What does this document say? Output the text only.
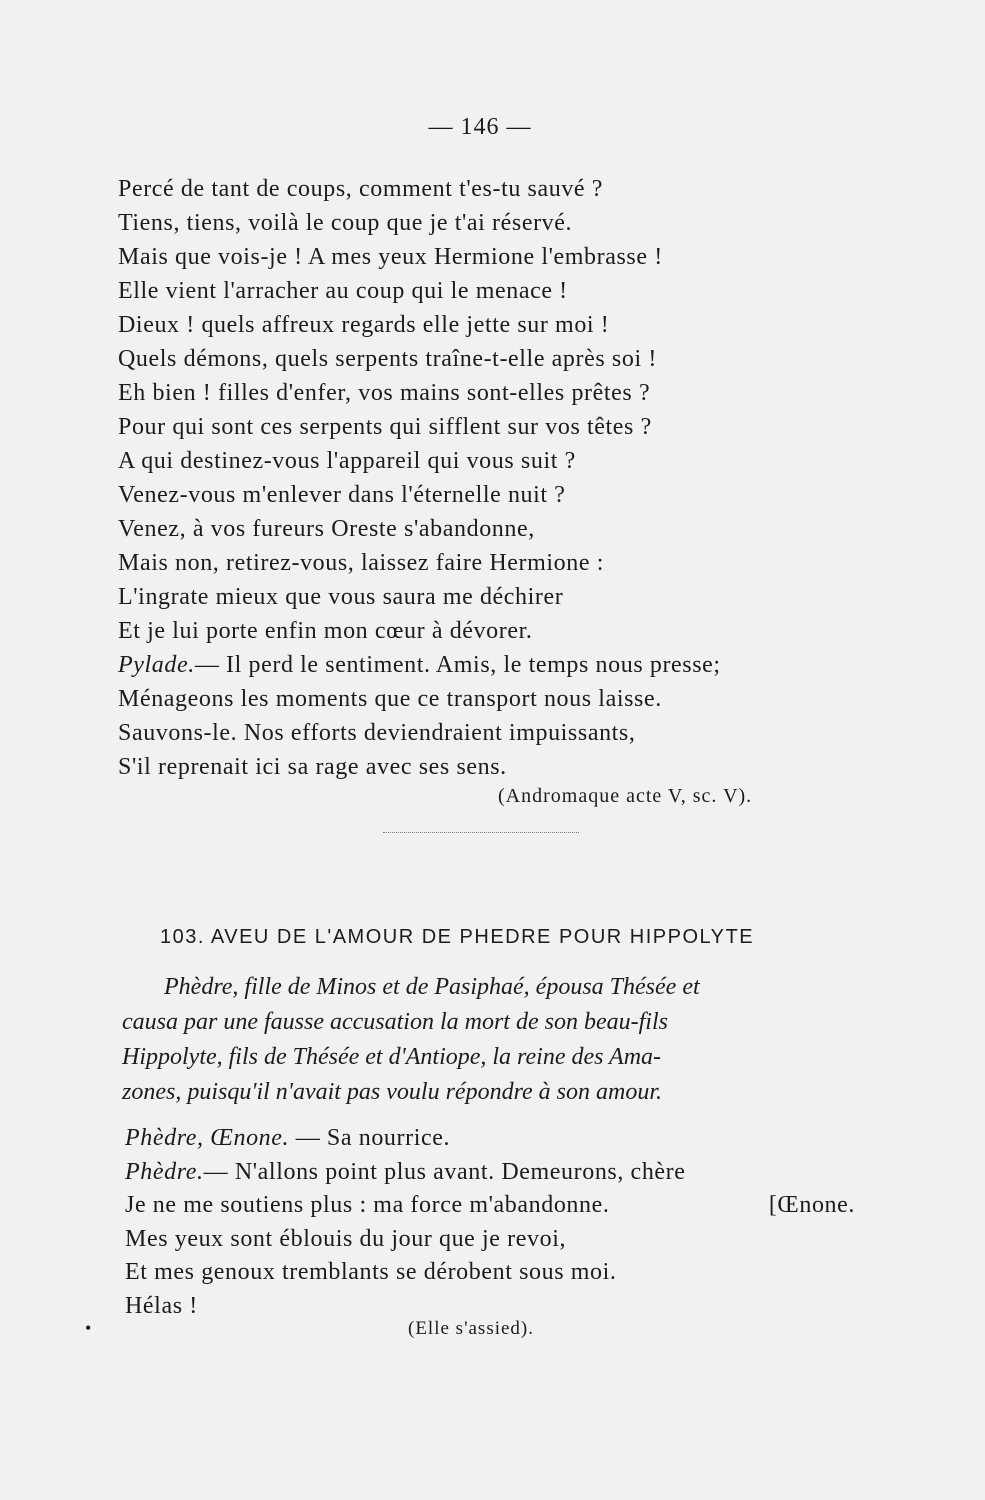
— 146 —
Percé de tant de coups, comment t'es-tu sauvé ?
Tiens, tiens, voilà le coup que je t'ai réservé.
Mais que vois-je ! A mes yeux Hermione l'embrasse !
Elle vient l'arracher au coup qui le menace !
Dieux ! quels affreux regards elle jette sur moi !
Quels démons, quels serpents traîne-t-elle après soi !
Eh bien ! filles d'enfer, vos mains sont-elles prêtes ?
Pour qui sont ces serpents qui sifflent sur vos têtes ?
A qui destinez-vous l'appareil qui vous suit ?
Venez-vous m'enlever dans l'éternelle nuit ?
Venez, à vos fureurs Oreste s'abandonne,
Mais non, retirez-vous, laissez faire Hermione :
L'ingrate mieux que vous saura me déchirer
Et je lui porte enfin mon cœur à dévorer.
Pylade.— Il perd le sentiment. Amis, le temps nous presse;
Ménageons les moments que ce transport nous laisse.
Sauvons-le. Nos efforts deviendraient impuissants,
S'il reprenait ici sa rage avec ses sens.
(Andromaque acte V, sc. V).
103. AVEU DE L'AMOUR DE PHEDRE POUR HIPPOLYTE
Phèdre, fille de Minos et de Pasiphaé, épousa Thésée et
causa par une fausse accusation la mort de son beau-fils
Hippolyte, fils de Thésée et d'Antiope, la reine des Ama-
zones, puisqu'il n'avait pas voulu répondre à son amour.
Phèdre, Œnone. — Sa nourrice.
Phèdre.— N'allons point plus avant. Demeurons, chère
Je ne me soutiens plus : ma force m'abandonne.	[Œnone.
Mes yeux sont éblouis du jour que je revoi,
Et mes genoux tremblants se dérobent sous moi.
Hélas !
•	(Elle s'assied).
